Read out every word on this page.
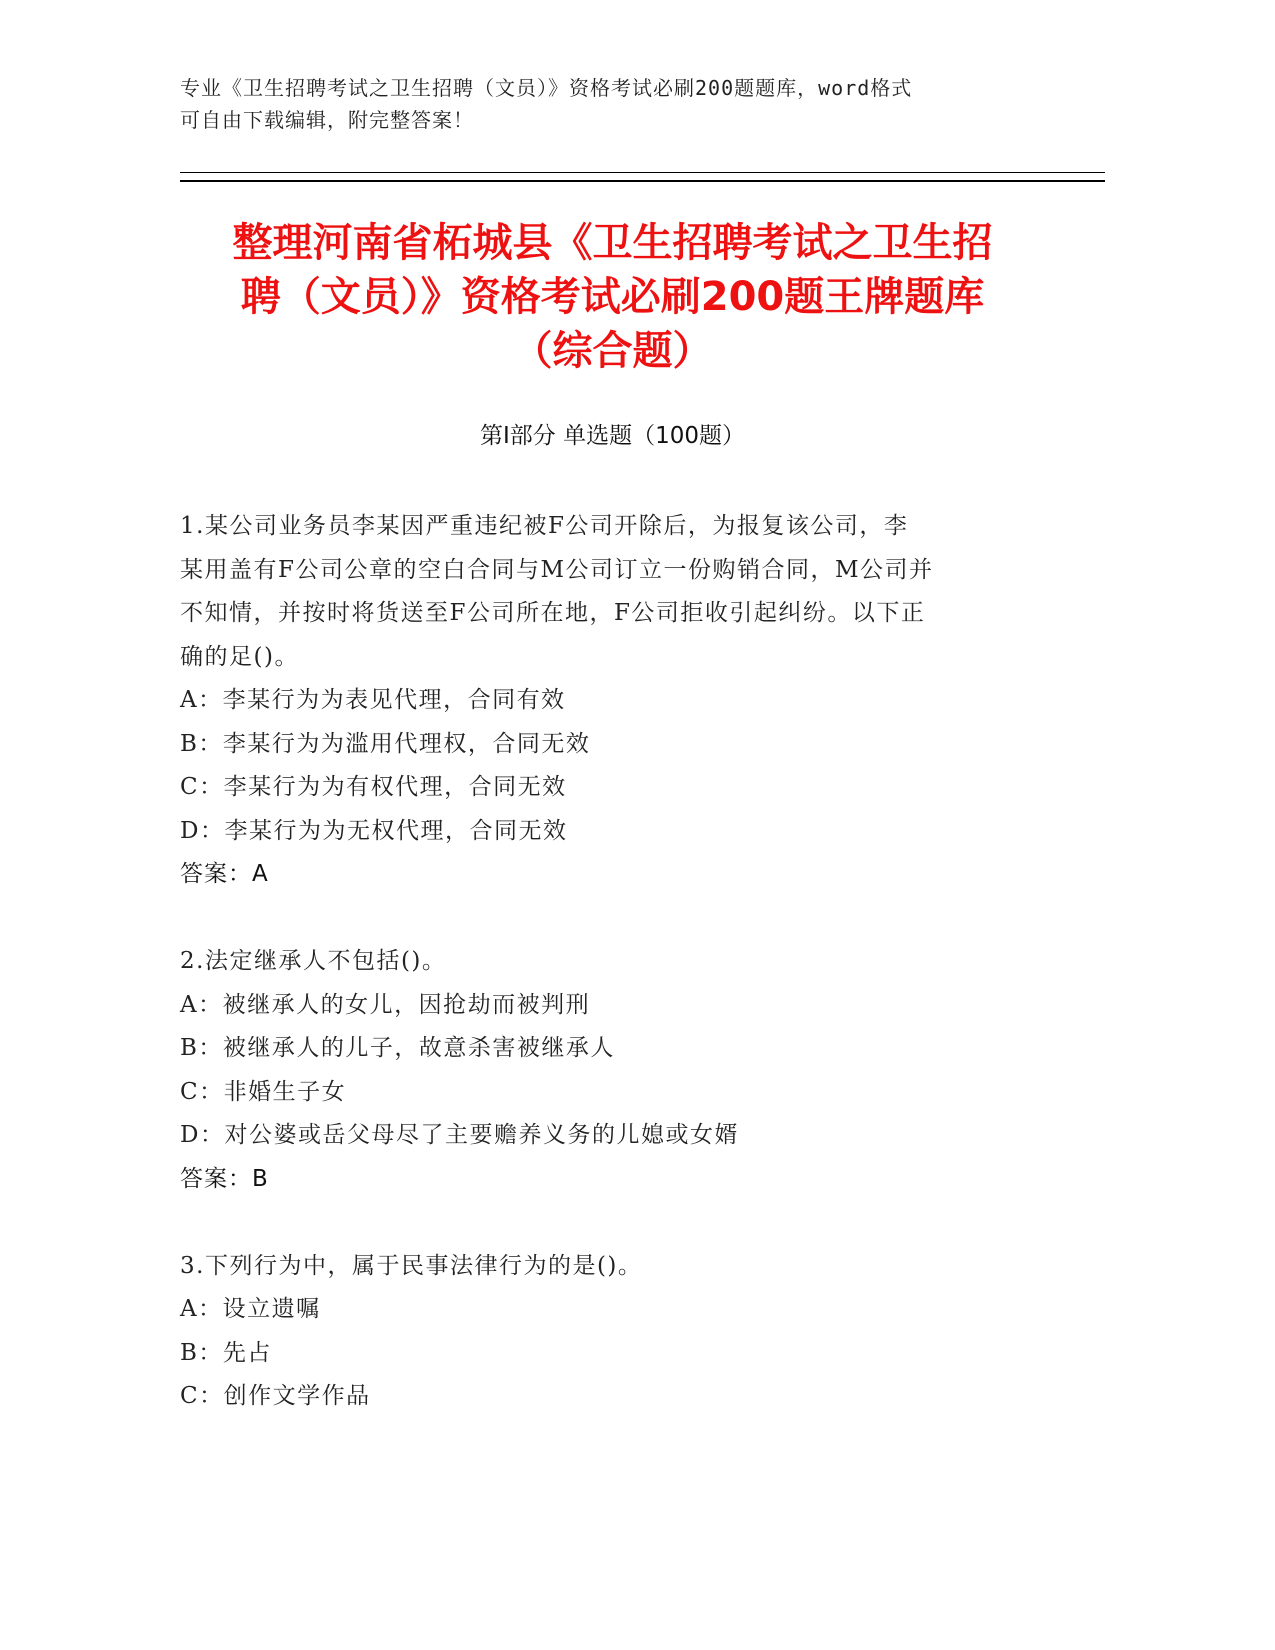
专业《卫生招聘考试之卫生招聘（文员）》资格考试必刷200题题库，word格式
可自由下载编辑，附完整答案！
整理河南省柘城县《卫生招聘考试之卫生招
聘（文员）》资格考试必刷200题王牌题库
（综合题）
第Ⅰ部分 单选题（100题）
1.某公司业务员李某因严重违纪被F公司开除后，为报复该公司，李
某用盖有F公司公章的空白合同与M公司订立一份购销合同，M公司并
不知情，并按时将货送至F公司所在地，F公司拒收引起纠纷。以下正
确的足()。
A：李某行为为表见代理，合同有效
B：李某行为为滥用代理权，合同无效
C：李某行为为有权代理，合同无效
D：李某行为为无权代理，合同无效
答案：A
2.法定继承人不包括()。
A：被继承人的女儿，因抢劫而被判刑
B：被继承人的儿子，故意杀害被继承人
C：非婚生子女
D：对公婆或岳父母尽了主要赡养义务的儿媳或女婿
答案：B
3.下列行为中，属于民事法律行为的是()。
A：设立遗嘱
B：先占
C：创作文学作品
